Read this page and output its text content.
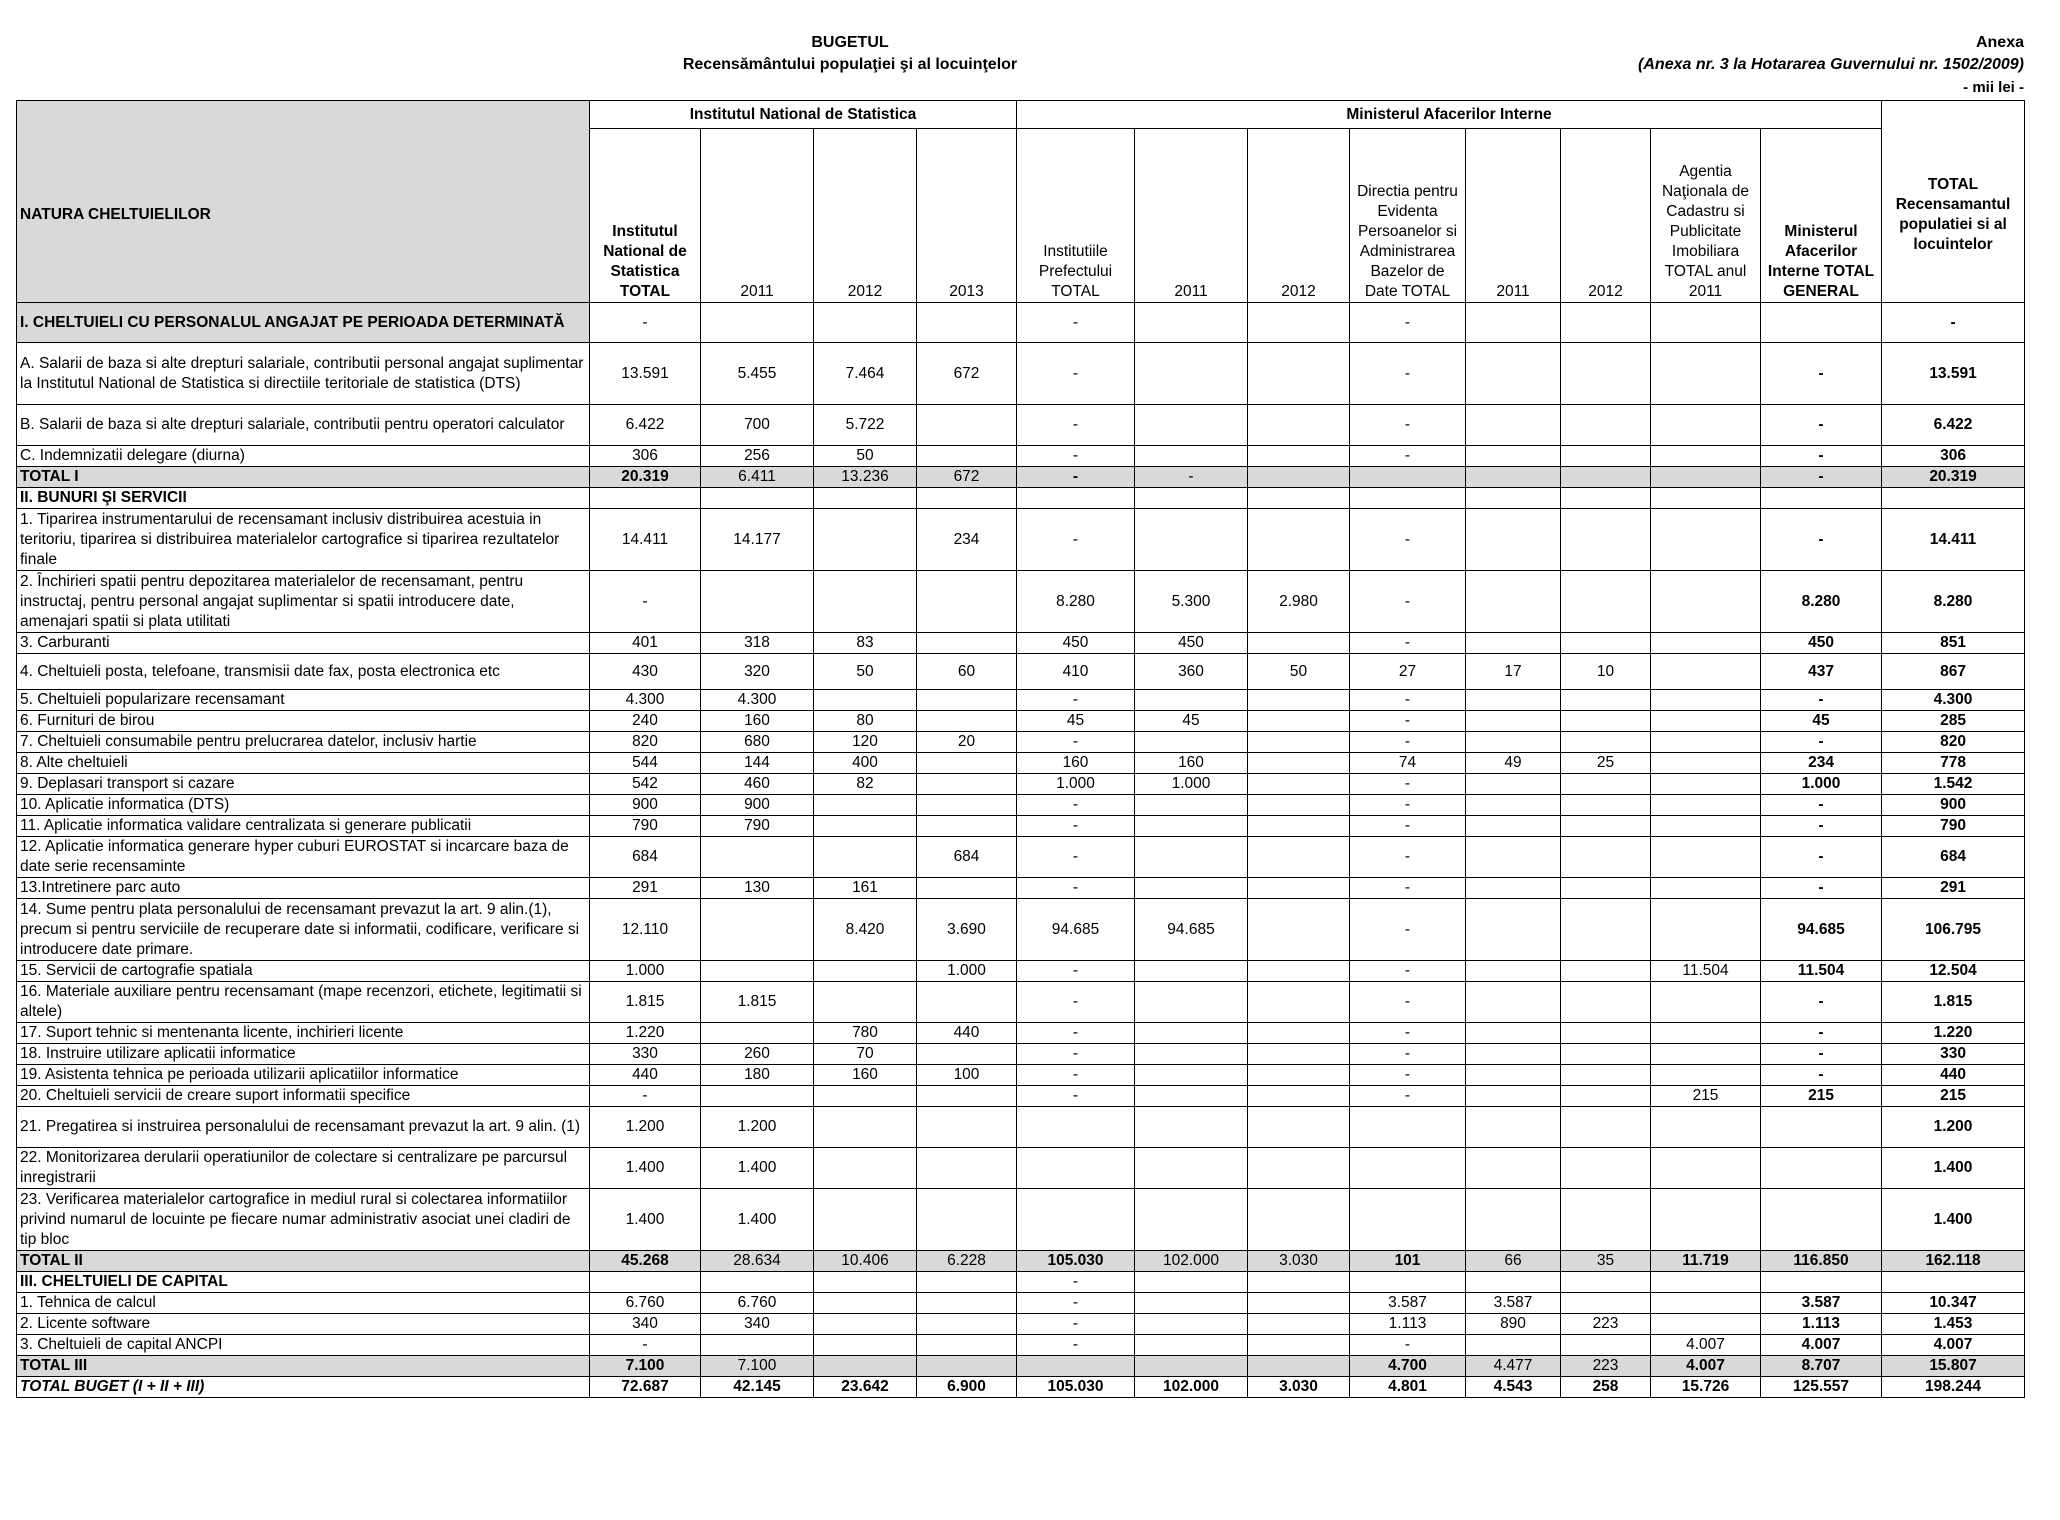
BUGETUL
Recensământului populaţiei şi al locuinţelor
Anexa
(Anexa nr. 3 la Hotararea Guvernului nr. 1502/2009)
- mii lei -
	Institutul National de Statistica				Ministerul Afacerilor Interne								
NATURA CHELTUIELILOR	Institutul National de Statistica TOTAL	2011	2012	2013	Institutiile Prefectului TOTAL	2011	2012	Directia pentru Evidenta Persoanelor si Administrarea Bazelor de Date TOTAL	2011	2012	Agentia Naţionala de Cadastru si Publicitate Imobiliara TOTAL anul 2011	Ministerul Afacerilor Interne TOTAL GENERAL	TOTAL Recensamantul populatiei si al locuintelor
I. CHELTUIELI CU PERSONALUL ANGAJAT PE PERIOADA DETERMINATĂ	-				-			-					-
A. Salarii de baza si alte drepturi salariale, contributii personal angajat suplimentar la Institutul National de Statistica si directiile teritoriale de statistica (DTS)	13.591	5.455	7.464	672	-			-				-	13.591
B. Salarii de baza si alte drepturi salariale, contributii pentru operatori calculator	6.422	700	5.722		-			-				-	6.422
C. Indemnizatii delegare (diurna)	306	256	50		-			-				-	306
TOTAL I	20.319	6.411	13.236	672	-	-						-	20.319
II. BUNURI ŞI SERVICII													
1. Tiparirea instrumentarului de recensamant inclusiv distribuirea acestuia in teritoriu, tiparirea si distribuirea materialelor cartografice si tiparirea rezultatelor finale	14.411	14.177		234	-			-				-	14.411
2. Închirieri spatii pentru depozitarea materialelor de recensamant, pentru instructaj, pentru personal angajat suplimentar si spatii introducere date, amenajari spatii si plata utilitati	-				8.280	5.300	2.980	-				8.280	8.280
3. Carburanti	401	318	83		450	450		-				450	851
4. Cheltuieli posta, telefoane, transmisii date fax, posta electronica etc	430	320	50	60	410	360	50	27	17	10		437	867
5. Cheltuieli popularizare recensamant	4.300	4.300			-			-				-	4.300
6. Furnituri de birou	240	160	80		45	45		-				45	285
7. Cheltuieli consumabile pentru prelucrarea datelor, inclusiv hartie	820	680	120	20	-			-				-	820
8. Alte cheltuieli	544	144	400		160	160		74	49	25		234	778
9. Deplasari transport si cazare	542	460	82		1.000	1.000		-				1.000	1.542
10. Aplicatie informatica (DTS)	900	900			-			-				-	900
11. Aplicatie informatica validare centralizata si generare publicatii	790	790			-			-				-	790
12. Aplicatie informatica generare hyper cuburi EUROSTAT si incarcare baza de date serie recensaminte	684			684	-			-				-	684
13.Intretinere parc auto	291	130	161		-			-				-	291
14. Sume pentru plata personalului de recensamant prevazut la art. 9 alin.(1), precum si pentru serviciile de recuperare date si informatii, codificare, verificare si introducere date primare.	12.110		8.420	3.690	94.685	94.685		-				94.685	106.795
15. Servicii de cartografie spatiala	1.000			1.000	-			-			11.504	11.504	12.504
16. Materiale auxiliare pentru recensamant (mape recenzori, etichete, legitimatii si altele)	1.815	1.815			-			-				-	1.815
17. Suport tehnic si mentenanta licente, inchirieri licente	1.220		780	440	-			-				-	1.220
18. Instruire utilizare aplicatii informatice	330	260	70		-			-				-	330
19. Asistenta tehnica pe perioada utilizarii aplicatiilor informatice	440	180	160	100	-			-				-	440
20. Cheltuieli servicii de creare suport informatii specifice	-				-			-			215	215	215
21. Pregatirea si instruirea personalului de recensamant prevazut la art. 9 alin. (1)	1.200	1.200											1.200
22. Monitorizarea derularii operatiunilor de colectare si centralizare pe parcursul inregistrarii	1.400	1.400											1.400
23. Verificarea materialelor cartografice in mediul rural si colectarea informatiilor privind numarul de locuinte pe fiecare numar administrativ asociat unei cladiri de tip bloc	1.400	1.400											1.400
TOTAL II	45.268	28.634	10.406	6.228	105.030	102.000	3.030	101	66	35	11.719	116.850	162.118
III. CHELTUIELI DE CAPITAL					-								
1. Tehnica de calcul	6.760	6.760			-			3.587	3.587			3.587	10.347
2. Licente software	340	340			-			1.113	890	223		1.113	1.453
3. Cheltuieli de capital ANCPI	-				-			-			4.007	4.007	4.007
TOTAL III	7.100	7.100						4.700	4.477	223	4.007	8.707	15.807
TOTAL BUGET (I + II + III)	72.687	42.145	23.642	6.900	105.030	102.000	3.030	4.801	4.543	258	15.726	125.557	198.244
